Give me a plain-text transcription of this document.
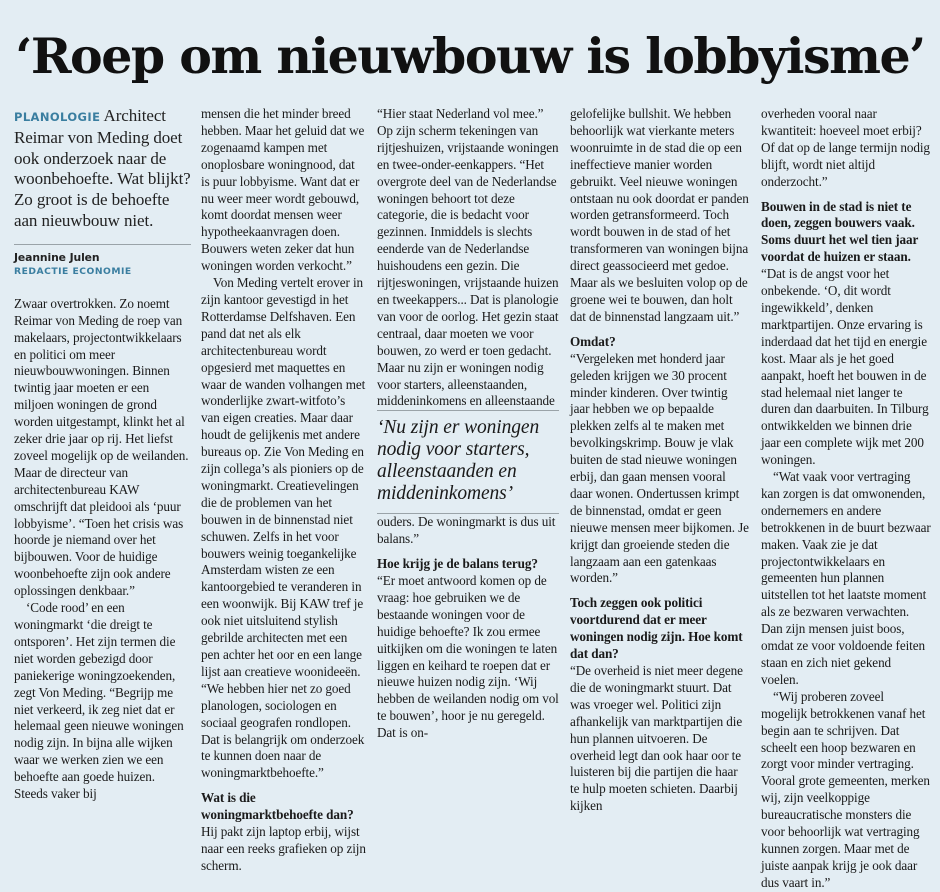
‘Roep om nieuwbouw is lobbyisme’
PLANOLOGIE Architect Reimar von Meding doet ook onderzoek naar de woonbehoefte. Wat blijkt? Zo groot is de behoefte aan nieuwbouw niet.
Jeannine Julen
REDACTIE ECONOMIE

Zwaar overtrokken. Zo noemt Reimar von Meding de roep van makelaars, projectontwikkelaars en politici om meer nieuwbouwwoningen. Binnen twintig jaar moeten er een miljoen woningen de grond worden uitgestampt, klinkt het al zeker drie jaar op rij. Het liefst zoveel mogelijk op de weilanden. Maar de directeur van architectenbureau KAW omschrijft dat pleidooi als ‘puur lobbyisme’. “Toen het crisis was hoorde je niemand over het bijbouwen. Voor de huidige woonbehoefte zijn ook andere oplossingen denkbaar.”

‘Code rood’ en een woningmarkt ‘die dreigt te ontsporen’. Het zijn termen die niet worden gebezigd door paniekerige woningzoekenden, zegt Von Meding. “Begrijp me niet verkeerd, ik zeg niet dat er helemaal geen nieuwe woningen nodig zijn. In bijna alle wijken waar we werken zien we een behoefte aan goede huizen. Steeds vaker bij

mensen die het minder breed hebben. Maar het geluid dat we zogenaamd kampen met onoplosbare woningnood, dat is puur lobbyisme. Want dat er nu weer meer wordt gebouwd, komt doordat mensen weer hypotheekaanvragen doen. Bouwers weten zeker dat hun woningen worden verkocht.”

Von Meding vertelt erover in zijn kantoor gevestigd in het Rotterdamse Delfshaven. Een pand dat net als elk architectenbureau wordt opgesierd met maquettes en waar de wanden volhangen met wonderlijke zwart-witfoto’s van eigen creaties. Maar daar houdt de gelijkenis met andere bureaus op. Zie Von Meding en zijn collega’s als pioniers op de woningmarkt. Creatievelingen die de problemen van het bouwen in de binnenstad niet schuwen. Zelfs in het voor bouwers weinig toegankelijke Amsterdam wisten ze een kantoorgebied te veranderen in een woonwijk. Bij KAW tref je ook niet uitsluitend stylish gebrilde architecten met een pen achter het oor en een lange lijst aan creatieve woonideeën. “We hebben hier net zo goed planologen, sociologen en sociaal geografen rondlopen. Dat is belangrijk om onderzoek te kunnen doen naar de woningmarktbehoefte.”

Wat is die woningmarktbehoefte dan?

Hij pakt zijn laptop erbij, wijst naar een reeks grafieken op zijn scherm.

“Hier staat Nederland vol mee.” Op zijn scherm tekeningen van rijtjeshuizen, vrijstaande woningen en twee-onder-eenkappers. “Het overgrote deel van de Nederlandse woningen behoort tot deze categorie, die is bedacht voor gezinnen. Inmiddels is slechts eenderde van de Nederlandse huishoudens een gezin. Die rijtjeswoningen, vrijstaande huizen en tweekappers... Dat is planologie van voor de oorlog. Het gezin staat centraal, daar moeten we voor bouwen, zo werd er toen gedacht. Maar nu zijn er woningen nodig voor starters, alleenstaanden, middeninkomens en alleenstaande

‘Nu zijn er woningen nodig voor starters, alleenstaanden en middeninkomens’

ouders. De woningmarkt is dus uit balans.”

Hoe krijg je de balans terug?

“Er moet antwoord komen op de vraag: hoe gebruiken we de bestaande woningen voor de huidige behoefte? Ik zou ermee uitkijken om die woningen te laten liggen en keihard te roepen dat er nieuwe huizen nodig zijn. ‘Wij hebben de weilanden nodig om vol te bouwen’, hoor je nu geregeld. Dat is on-

gelofelijke bullshit. We hebben behoorlijk wat vierkante meters woonruimte in de stad die op een ineffectieve manier worden gebruikt. Veel nieuwe woningen ontstaan nu ook doordat er panden worden getransformeerd. Toch wordt bouwen in de stad of het transformeren van woningen bijna direct geassocieerd met gedoe. Maar als we besluiten volop op de groene wei te bouwen, dan holt dat de binnenstad langzaam uit.”

Omdat?

“Vergeleken met honderd jaar geleden krijgen we 30 procent minder kinderen. Over twintig jaar hebben we op bepaalde plekken zelfs al te maken met bevolkingskrimp. Bouw je vlak buiten de stad nieuwe woningen erbij, dan gaan mensen vooral daar wonen. Ondertussen krimpt de binnenstad, omdat er geen nieuwe mensen meer bijkomen. Je krijgt dan groeiende steden die langzaam aan een gatenkaas worden.”

Toch zeggen ook politici voortdurend dat er meer woningen nodig zijn. Hoe komt dat dan?

“De overheid is niet meer degene die de woningmarkt stuurt. Dat was vroeger wel. Politici zijn afhankelijk van marktpartijen die hun plannen uitvoeren. De overheid legt dan ook haar oor te luisteren bij die partijen die haar te hulp moeten schieten. Daarbij kijken

overheden vooral naar kwantiteit: hoeveel moet erbij? Of dat op de lange termijn nodig blijft, wordt niet altijd onderzocht.”

Bouwen in de stad is niet te doen, zeggen bouwers vaak. Soms duurt het wel tien jaar voordat de huizen er staan.

“Dat is de angst voor het onbekende. ‘O, dit wordt ingewikkeld’, denken marktpartijen. Onze ervaring is inderdaad dat het tijd en energie kost. Maar als je het goed aanpakt, hoeft het bouwen in de stad helemaal niet langer te duren dan daarbuiten. In Tilburg ontwikkelden we binnen drie jaar een complete wijk met 200 woningen.

“Wat vaak voor vertraging kan zorgen is dat omwonenden, ondernemers en andere betrokkenen in de buurt bezwaar maken. Vaak zie je dat projectontwikkelaars en gemeenten hun plannen uitstellen tot het laatste moment als ze bezwaren verwachten. Dan zijn mensen juist boos, omdat ze voor voldoende feiten staan en zich niet gekend voelen.

“Wij proberen zoveel mogelijk betrokkenen vanaf het begin aan te schrijven. Dat scheelt een hoop bezwaren en zorgt voor minder vertraging. Vooral grote gemeenten, merken wij, zijn veelkoppige bureaucratische monsters die voor behoorlijk wat vertraging kunnen zorgen. Maar met de juiste aanpak krijg je ook daar dus vaart in.”
